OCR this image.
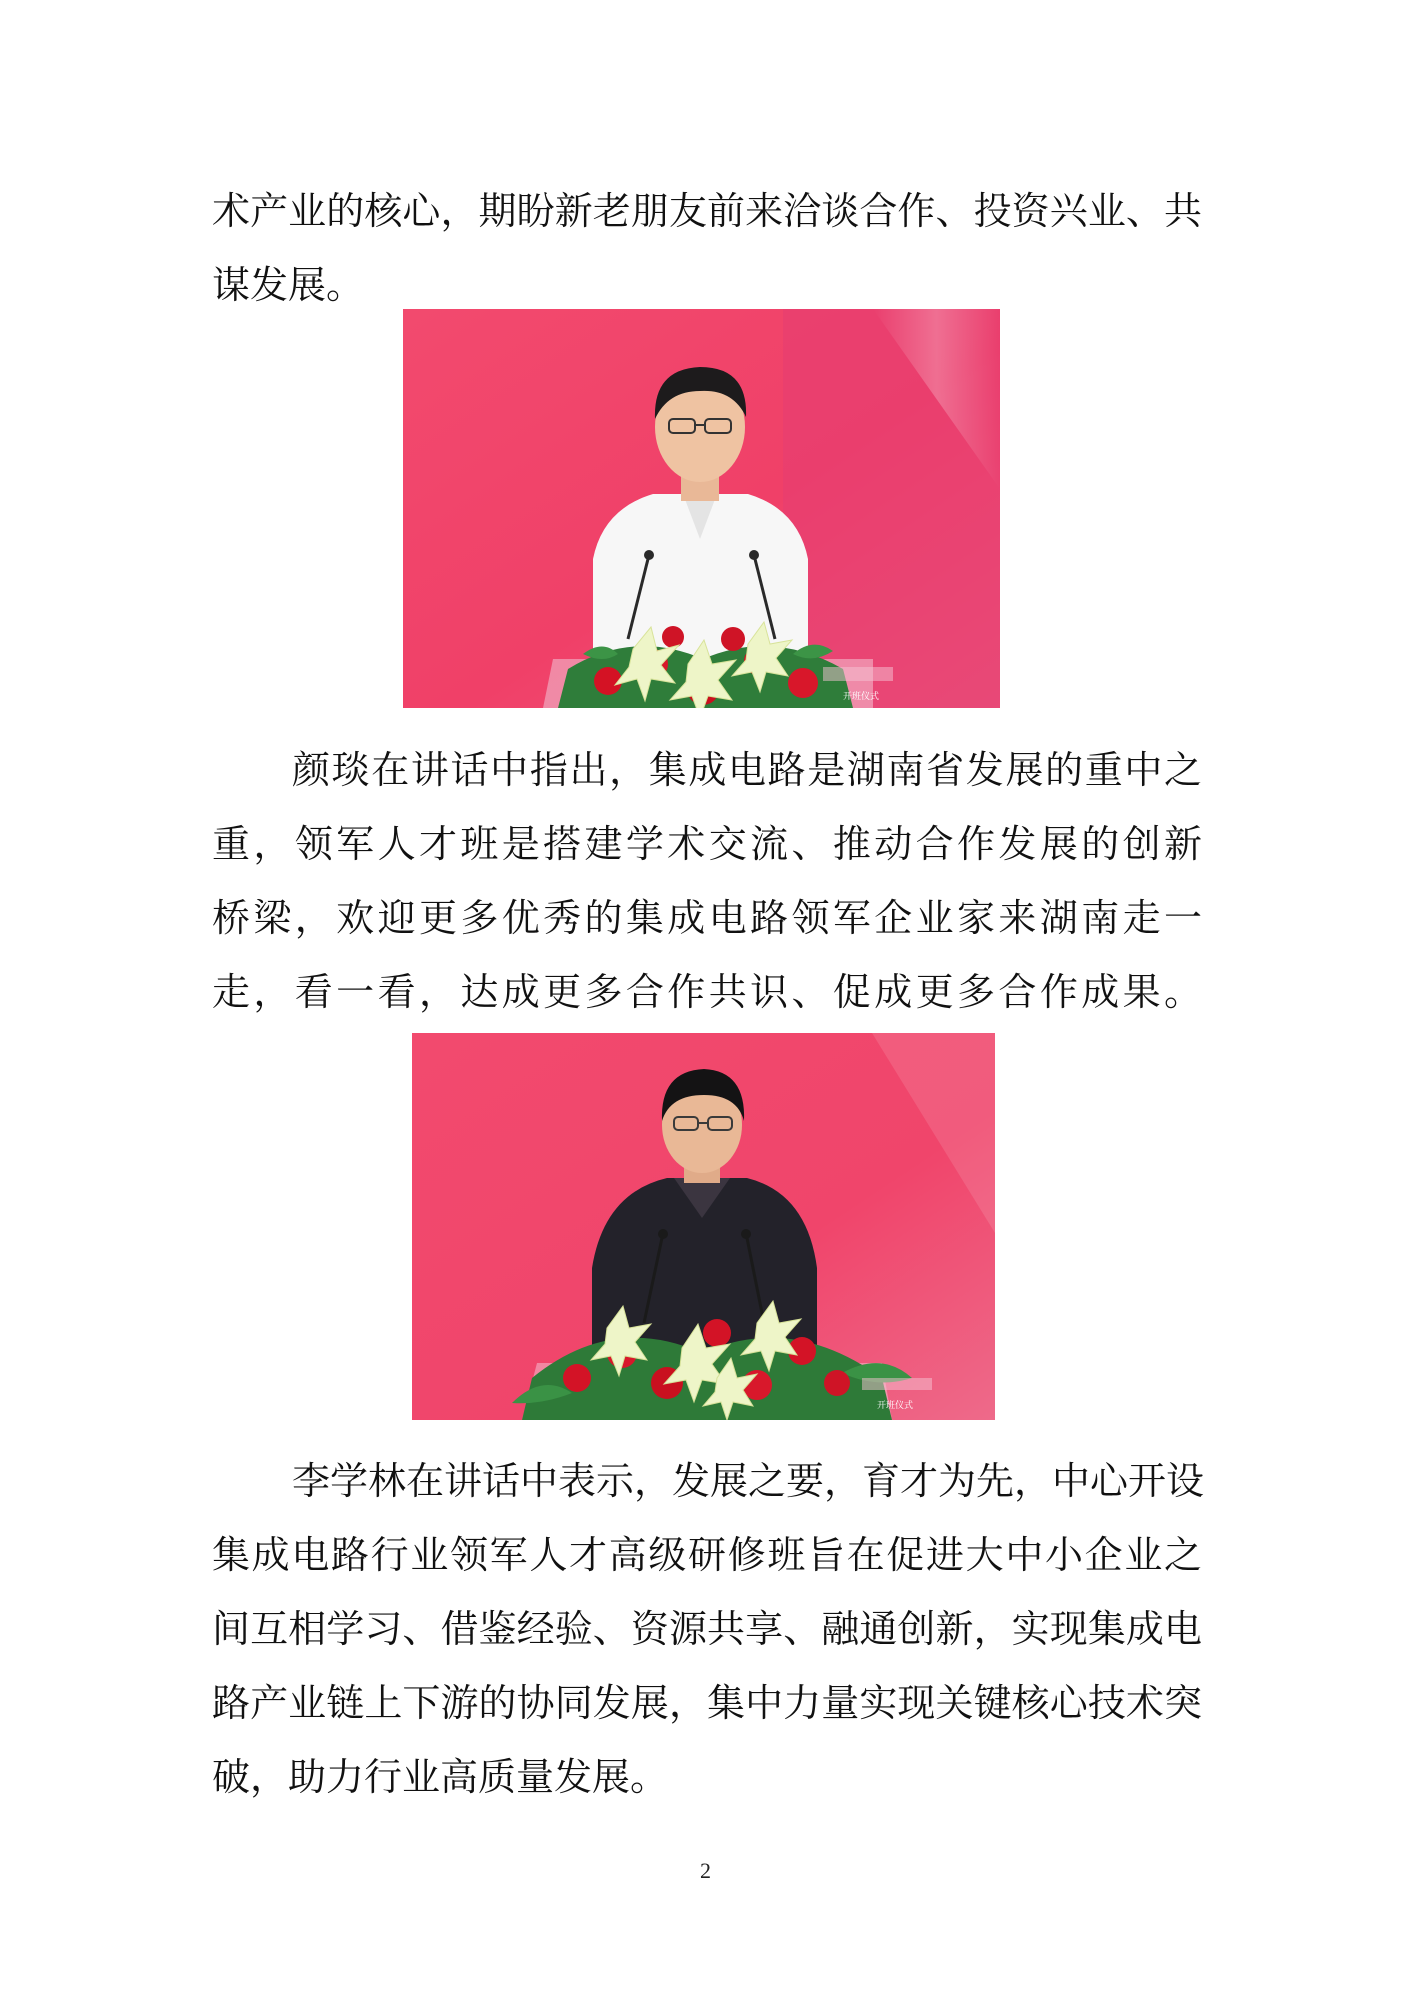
术产业的核心，期盼新老朋友前来洽谈合作、投资兴业、共
谋发展。
开班仪式
颜琰在讲话中指出，集成电路是湖南省发展的重中之
重，领军人才班是搭建学术交流、推动合作发展的创新
桥梁，欢迎更多优秀的集成电路领军企业家来湖南走一
走，看一看，达成更多合作共识、促成更多合作成果。
开班仪式
李学林在讲话中表示，发展之要，育才为先，中心开设
集成电路行业领军人才高级研修班旨在促进大中小企业之
间互相学习、借鉴经验、资源共享、融通创新，实现集成电
路产业链上下游的协同发展，集中力量实现关键核心技术突
破，助力行业高质量发展。
2
